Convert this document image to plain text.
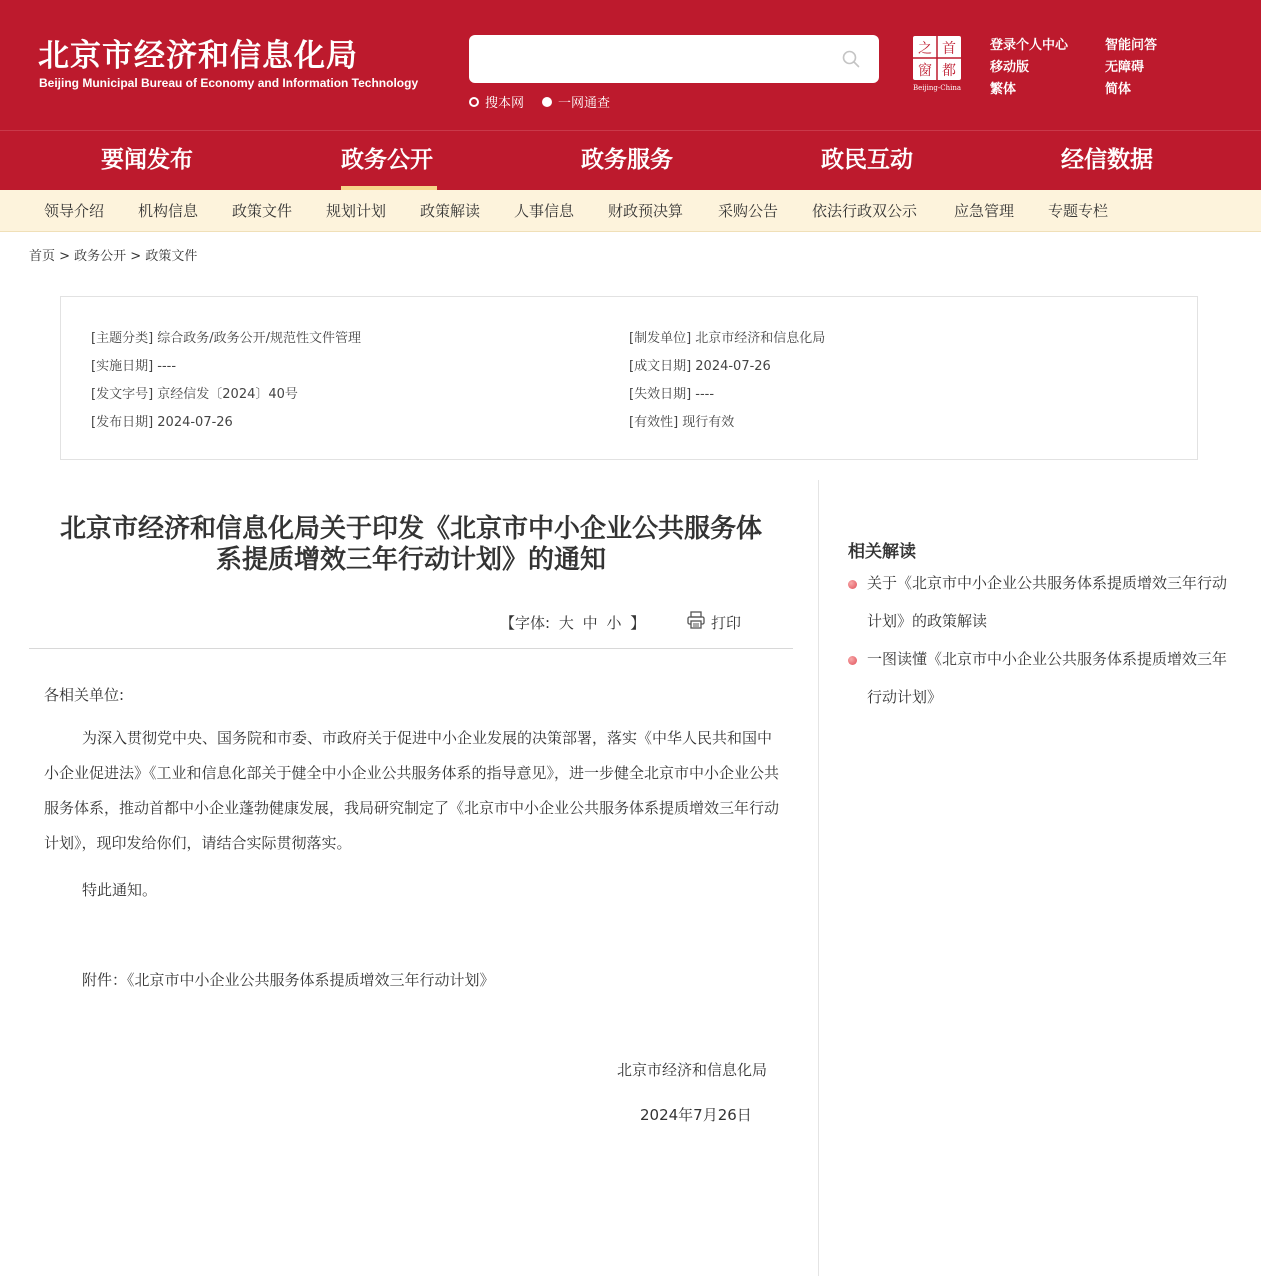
北京市经济和信息化局
Beijing Municipal Bureau of Economy and Information Technology
搜本网	一网通查
之 首
窗 都
Beijing-China
登录个人中心	智能问答
移动版	无障碍
繁体	简体
要闻发布	政务公开	政务服务	政民互动	经信数据
领导介绍 机构信息 政策文件 规划计划 政策解读 人事信息 财政预决算 采购公告 依法行政双公示 应急管理 专题专栏
首页 > 政务公开 > 政策文件
[主题分类] 综合政务/政务公开/规范性文件管理	[制发单位] 北京市经济和信息化局
[实施日期] ----	[成文日期] 2024-07-26
[发文字号] 京经信发〔2024〕40号	[失效日期] ----
[发布日期] 2024-07-26	[有效性] 现行有效
北京市经济和信息化局关于印发《北京市中小企业公共服务体
系提质增效三年行动计划》的通知
【字体: 大 中 小 】	打印
各相关单位:
为深入贯彻党中央、国务院和市委、市政府关于促进中小企业发展的决策部署，落实《中华人民共和国中小企业促进法》《工业和信息化部关于健全中小企业公共服务体系的指导意见》，进一步健全北京市中小企业公共服务体系，推动首都中小企业蓬勃健康发展，我局研究制定了《北京市中小企业公共服务体系提质增效三年行动计划》，现印发给你们，请结合实际贯彻落实。
特此通知。
附件：《北京市中小企业公共服务体系提质增效三年行动计划》
北京市经济和信息化局
2024年7月26日
相关解读
关于《北京市中小企业公共服务体系提质增效三年行动计划》的政策解读
一图读懂《北京市中小企业公共服务体系提质增效三年行动计划》
